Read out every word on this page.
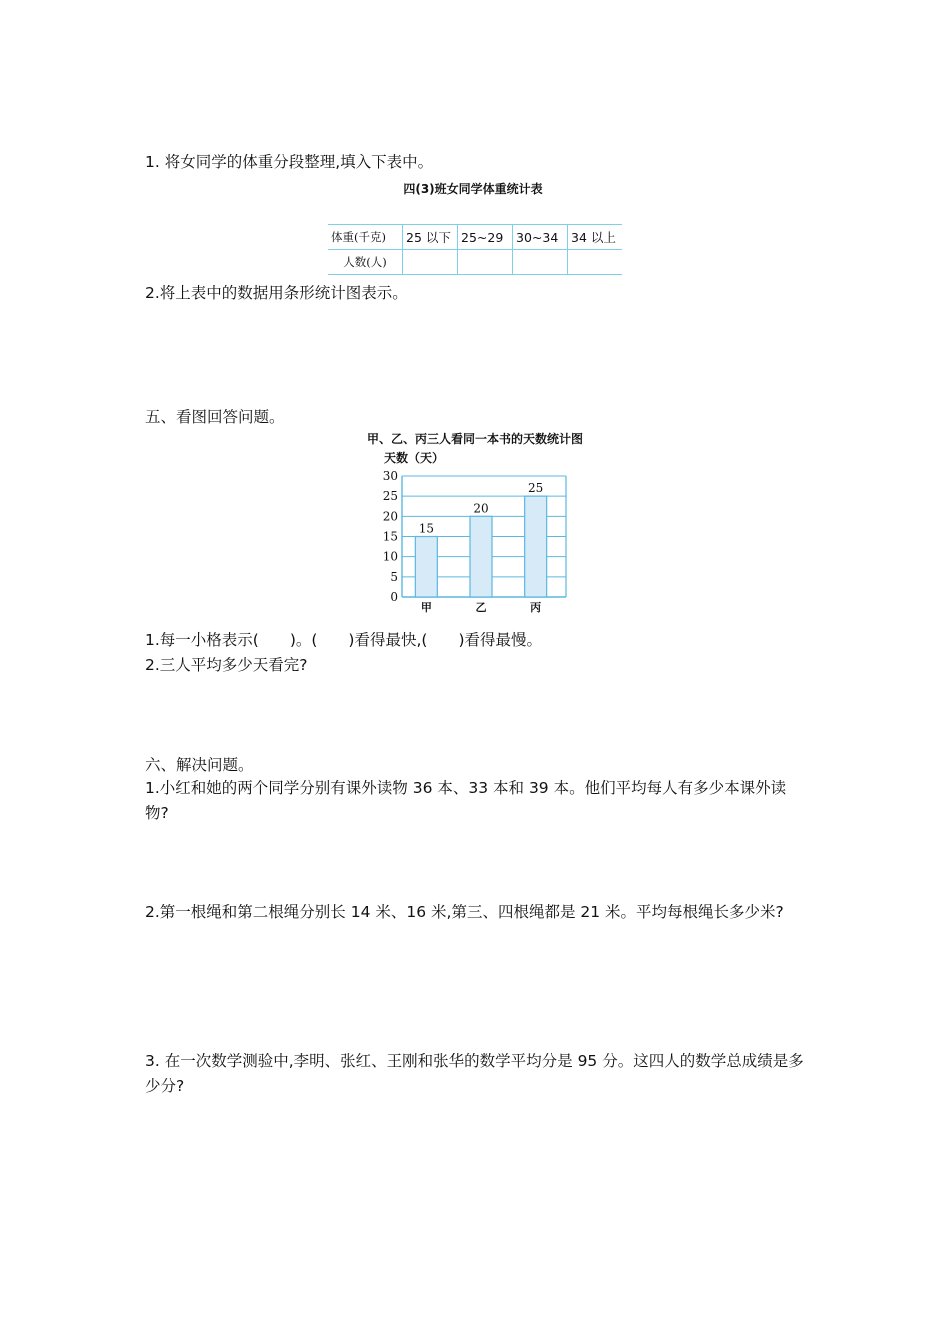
1. 将女同学的体重分段整理,填入下表中。
四(3)班女同学体重统计表
体重(千克)	25 以下	25~29	30~34	34 以上
人数(人)				
2.将上表中的数据用条形统计图表示。
五、看图回答问题。
甲、乙、丙三人看同一本书的天数统计图
天数（天）
0
5
10
15
20
25
30
15
甲
20
乙
25
丙
1.每一小格表示(　　)。(　　)看得最快,(　　)看得最慢。
2.三人平均多少天看完?
六、解决问题。
1.小红和她的两个同学分别有课外读物 36 本、33 本和 39 本。他们平均每人有多少本课外读物?
2.第一根绳和第二根绳分别长 14 米、16 米,第三、四根绳都是 21 米。平均每根绳长多少米?
3. 在一次数学测验中,李明、张红、王刚和张华的数学平均分是 95 分。这四人的数学总成绩是多少分?
